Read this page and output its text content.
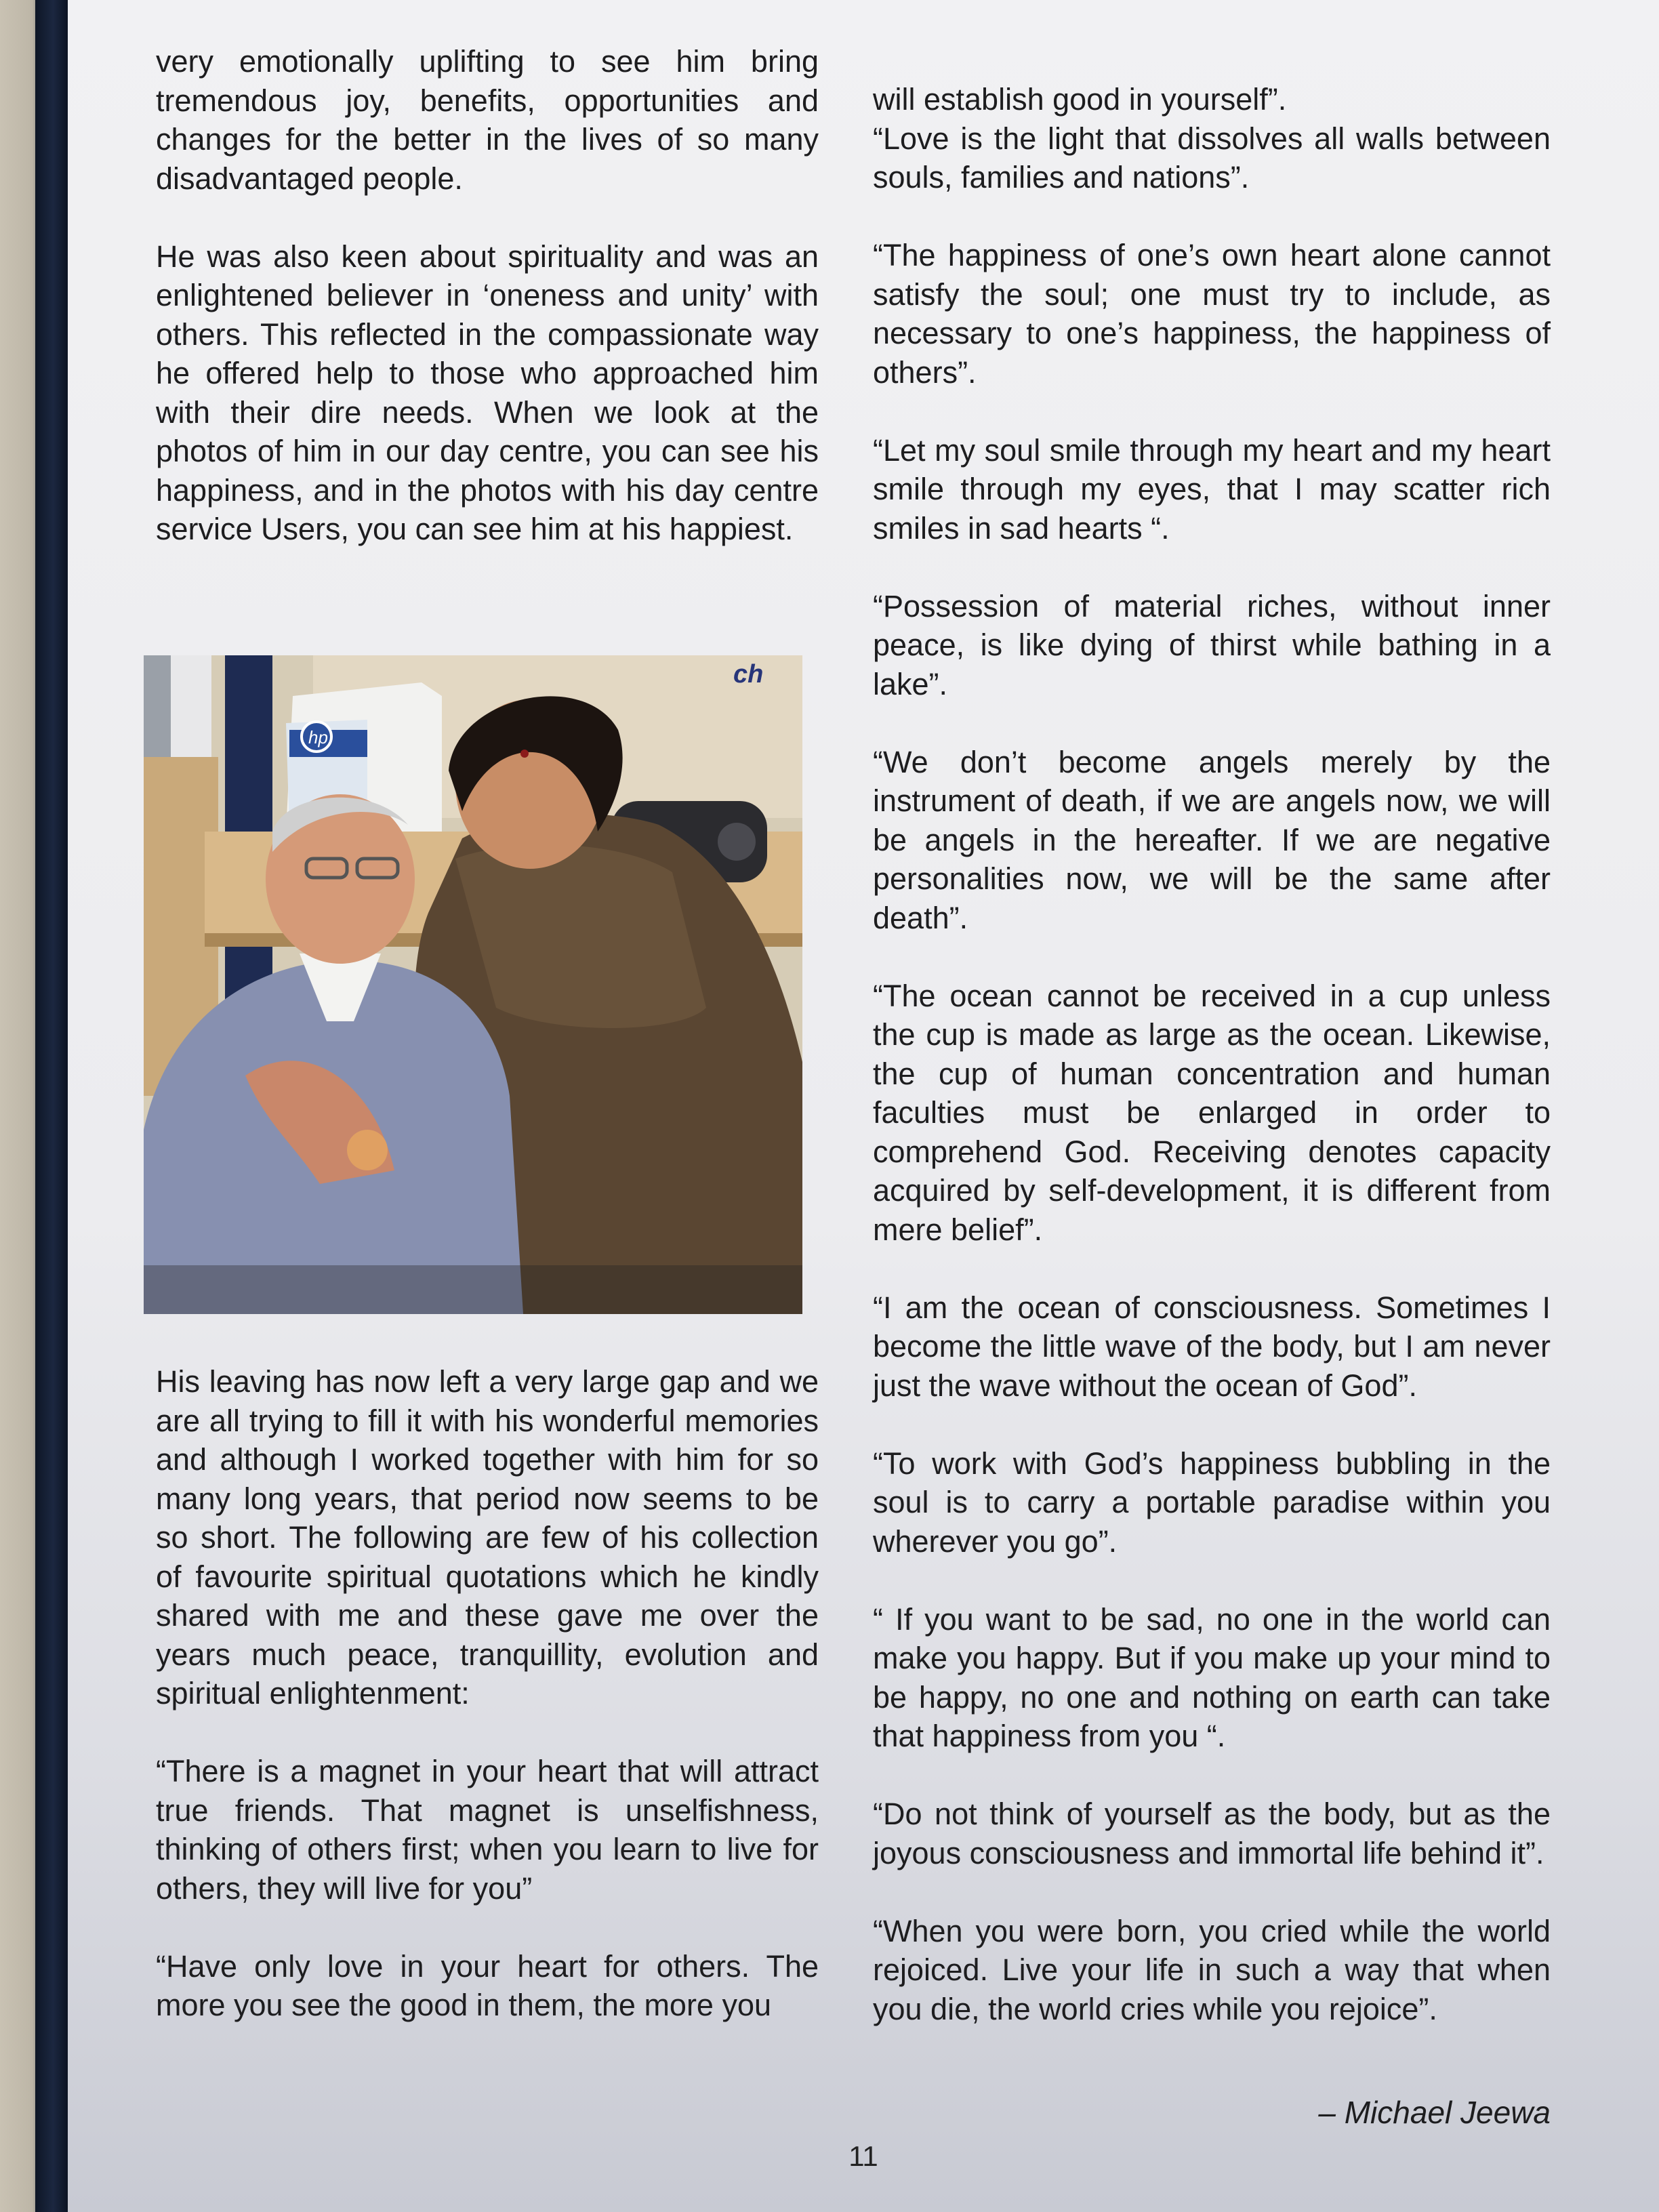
very emotionally uplifting to see him bring tremendous joy, benefits, opportunities and changes for the better in the lives of so many disadvantaged people.

He was also keen about spirituality and was an enlightened believer in ‘oneness and unity’ with others. This reflected in the compassionate way he offered help to those who approached him with their dire needs. When we look at the photos of him in our day centre, you can see his happiness, and in the photos with his day centre service Users, you can see him at his happiest.

His leaving has now left a very large gap and we are all trying to fill it with his wonderful memories and although I worked together with him for so many long years, that period now seems to be so short. The following are few of his collection of favourite spiritual quotations which he kindly shared with me and these gave me over the years much peace, tranquillity, evolution and spiritual enlightenment:

“There is a magnet in your heart that will attract true friends. That magnet is unselfishness, thinking of others first; when you learn to live for others, they will live for you”

“Have only love in your heart for others. The more you see the good in them, the more you

ch
hp

will establish good in yourself”.
“Love is the light that dissolves all walls between souls, families and nations”.

“The happiness of one’s own heart alone cannot satisfy the soul; one must try to include, as necessary to one’s happiness, the happiness of others”.

“Let my soul smile through my heart and my heart smile through my eyes, that I may scatter rich smiles in sad hearts “.

“Possession of material riches, without inner peace, is like dying of thirst while bathing in a lake”.

“We don’t become angels merely by the instrument of death, if we are angels now, we will be angels in the hereafter. If we are negative personalities now, we will be the same after death”.

“The ocean cannot be received in a cup unless the cup is made as large as the ocean. Likewise, the cup of human concentration and human faculties must be enlarged in order to comprehend God. Receiving denotes capacity acquired by self-development, it is different from mere belief”.

“I am the ocean of consciousness. Sometimes I become the little wave of the body, but I am never just the wave without the ocean of God”.

“To work with God’s happiness bubbling in the soul is to carry a portable paradise within you wherever you go”.

“ If you want to be sad, no one in the world can make you happy. But if you make up your mind to be happy, no one and nothing on earth can take that happiness from you “.

“Do not think of yourself as the body, but as the joyous consciousness and immortal life behind it”.

“When you were born, you cried while the world rejoiced. Live your life in such a way that when you die, the world cries while you rejoice”.

– Michael Jeewa
11
